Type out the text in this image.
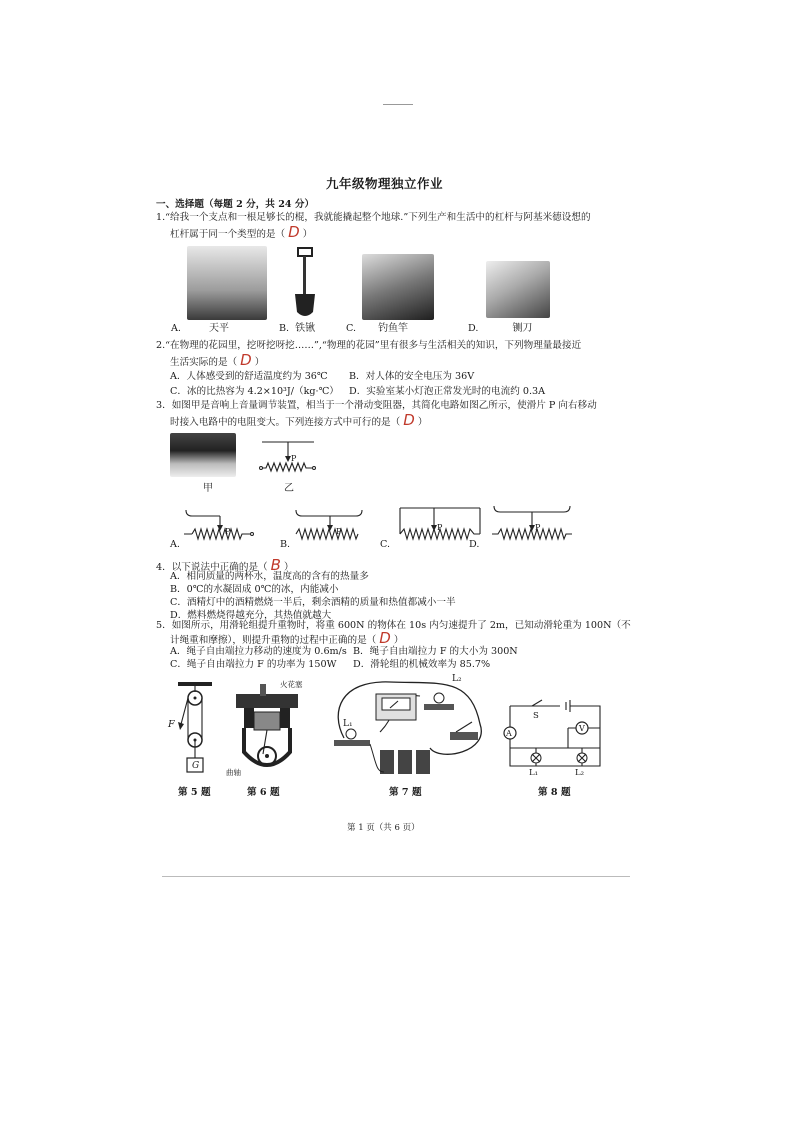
九年级物理独立作业
一、选择题（每题 2 分，共 24 分）
1.“给我一个支点和一根足够长的棍，我就能撬起整个地球.”下列生产和生活中的杠杆与阿基米德设想的
杠杆属于同一个类型的是（ D ）
A.	天平	B. 铁锹	C. 钓鱼竿	D.	铡刀
2.“在物理的花园里，挖呀挖呀挖……”,“物理的花园”里有很多与生活相关的知识，下列物理量最接近
生活实际的是（ D ）
A．人体感受到的舒适温度约为 36℃ B．对人体的安全电压为 36V
C．冰的比热容为 4.2×10³J/（kg·℃） D．实验室某小灯泡正常发光时的电流约 0.3A
3．如图甲是音响上音量调节装置，相当于一个滑动变阻器，其简化电路如图乙所示，使滑片 P 向右移动
时接入电路中的电阻变大。下列连接方式中可行的是（ D ）
甲
P
乙
A.
P
B.
P
C.
P
D.
P
4．以下说法中正确的是（ B ）
A．相同质量的两杯水，温度高的含有的热量多
B．0℃的水凝固成 0℃的冰，内能减小
C．酒精灯中的酒精燃烧一半后，剩余酒精的质量和热值都减小一半
D．燃料燃烧得越充分，其热值就越大
5．如图所示，用滑轮组提升重物时，将重 600N 的物体在 10s 内匀速提升了 2m，已知动滑轮重为 100N（不
计绳重和摩擦），则提升重物的过程中正确的是（ D ）
A．绳子自由端拉力移动的速度为 0.6m/s B．绳子自由端拉力 F 的大小为 300N
C．绳子自由端拉力 F 的功率为 150W D．滑轮组的机械效率为 85.7%
F
G
火花塞
曲轴
L₁
L₂
S
A
V
L₁	L₂
第 5 题	第 6 题	第 7 题	第 8 题
第 1 页（共 6 页）
